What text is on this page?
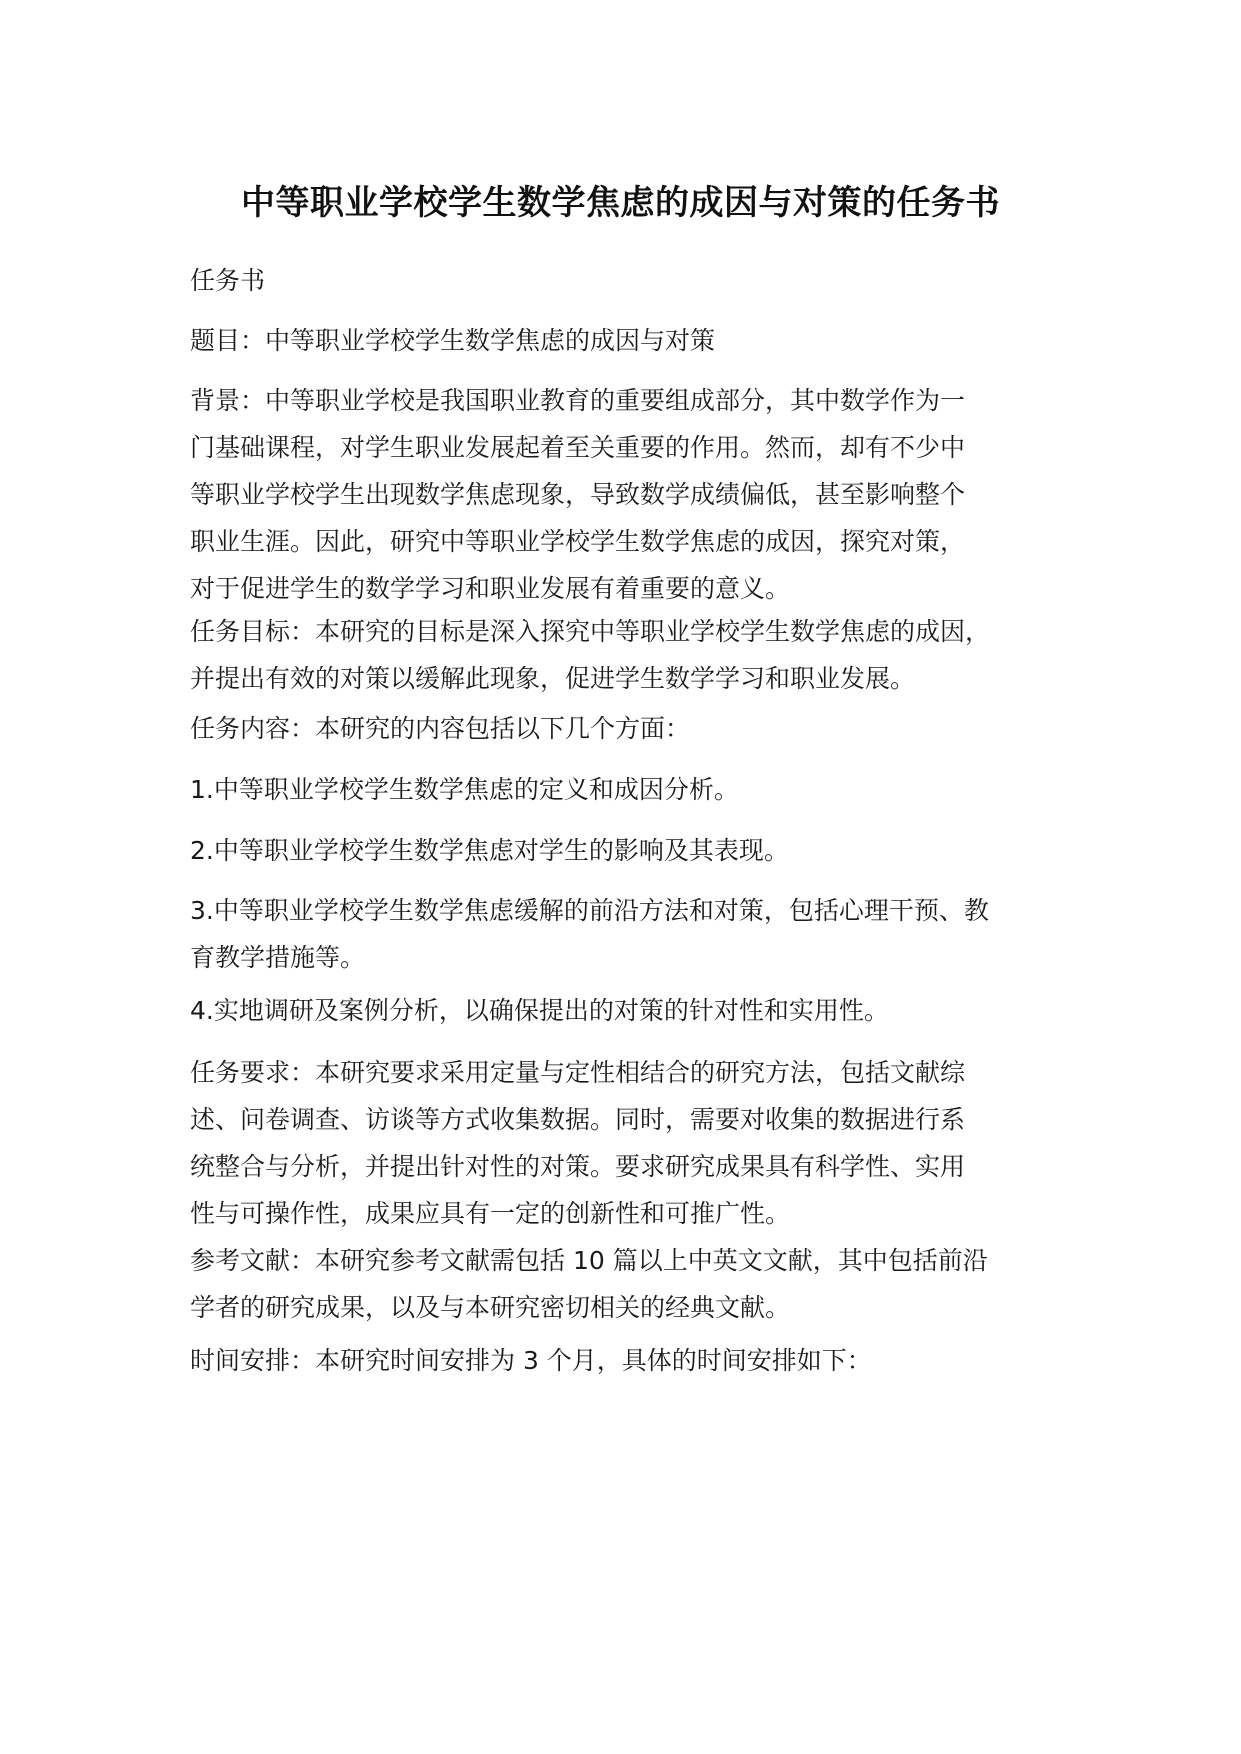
中等职业学校学生数学焦虑的成因与对策的任务书
任务书
题目：中等职业学校学生数学焦虑的成因与对策
背景：中等职业学校是我国职业教育的重要组成部分，其中数学作为一
门基础课程，对学生职业发展起着至关重要的作用。然而，却有不少中
等职业学校学生出现数学焦虑现象，导致数学成绩偏低，甚至影响整个
职业生涯。因此，研究中等职业学校学生数学焦虑的成因，探究对策，
对于促进学生的数学学习和职业发展有着重要的意义。
任务目标：本研究的目标是深入探究中等职业学校学生数学焦虑的成因，
并提出有效的对策以缓解此现象，促进学生数学学习和职业发展。
任务内容：本研究的内容包括以下几个方面：
1.中等职业学校学生数学焦虑的定义和成因分析。
2.中等职业学校学生数学焦虑对学生的影响及其表现。
3.中等职业学校学生数学焦虑缓解的前沿方法和对策，包括心理干预、教
育教学措施等。
4.实地调研及案例分析，以确保提出的对策的针对性和实用性。
任务要求：本研究要求采用定量与定性相结合的研究方法，包括文献综
述、问卷调查、访谈等方式收集数据。同时，需要对收集的数据进行系
统整合与分析，并提出针对性的对策。要求研究成果具有科学性、实用
性与可操作性，成果应具有一定的创新性和可推广性。
参考文献：本研究参考文献需包括 10 篇以上中英文文献，其中包括前沿
学者的研究成果，以及与本研究密切相关的经典文献。
时间安排：本研究时间安排为 3 个月，具体的时间安排如下：
